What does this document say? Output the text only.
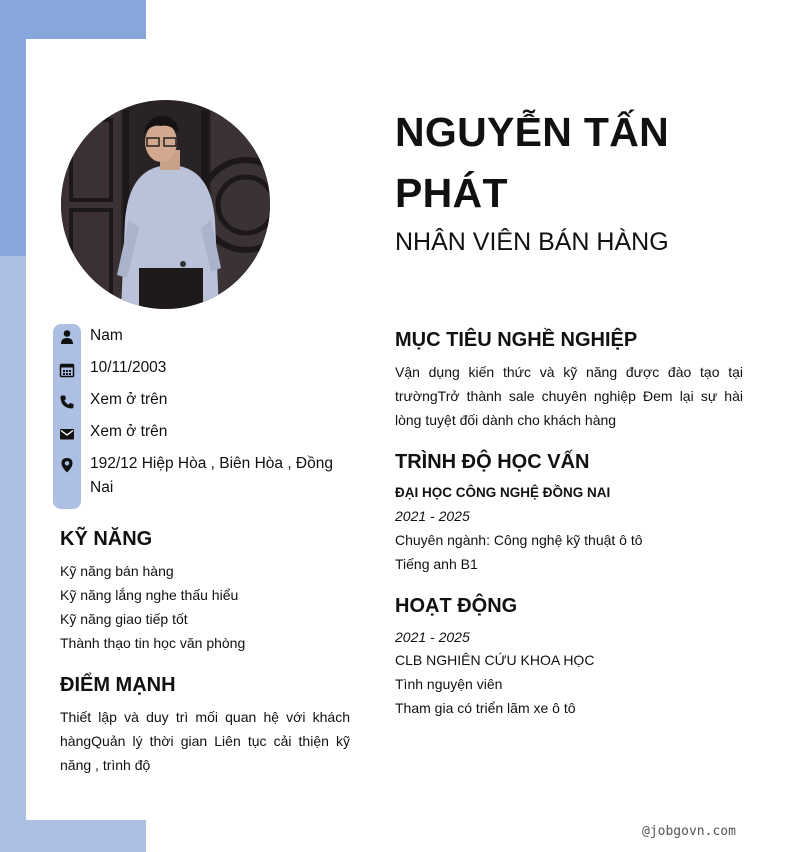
Nam
10/11/2003
Xem ở trên
Xem ở trên
192/12 Hiệp Hòa , Biên Hòa , Đồng Nai
KỸ NĂNG
Kỹ năng bán hàng
Kỹ năng lắng nghe thấu hiểu
Kỹ năng giao tiếp tốt
Thành thạo tin học văn phòng
ĐIỂM MẠNH
Thiết lập và duy trì mối quan hệ với khách hàngQuản lý thời gian Liên tục cải thiện kỹ năng , trình độ
NGUYỄN TẤN PHÁT
NHÂN VIÊN BÁN HÀNG
MỤC TIÊU NGHỀ NGHIỆP
Vận dụng kiến thức và kỹ năng được đào tạo tại trườngTrở thành sale chuyên nghiệp Đem lại sự hài lòng tuyệt đối dành cho khách hàng
TRÌNH ĐỘ HỌC VẤN
ĐẠI HỌC CÔNG NGHỆ ĐỒNG NAI
2021 - 2025
Chuyên ngành: Công nghệ kỹ thuật ô tô
Tiếng anh B1
HOẠT ĐỘNG
2021 - 2025
CLB NGHIÊN CỨU KHOA HỌC
Tình nguyện viên
Tham gia có triển lãm xe ô tô
@jobgovn.com
